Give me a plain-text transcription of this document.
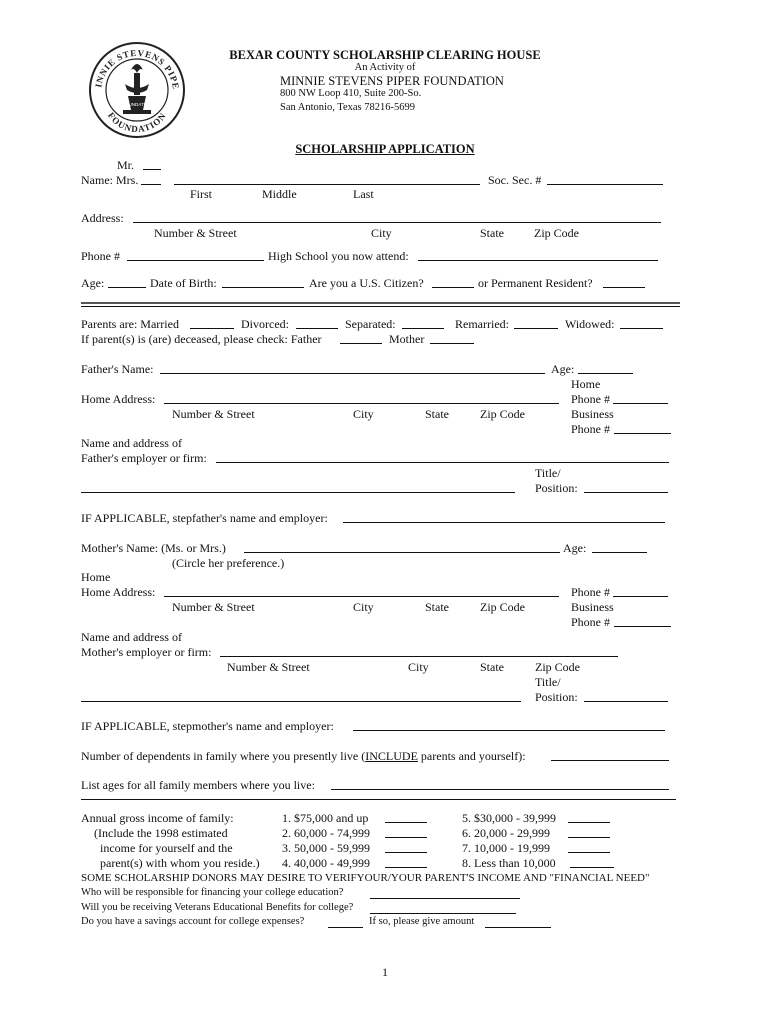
INNIE STEVENS PIPE
FOUNDATION
FOUNDATION
BEXAR COUNTY SCHOLARSHIP CLEARING HOUSE
An Activity of
MINNIE STEVENS PIPER FOUNDATION
800 NW Loop 410, Suite 200-So.
San Antonio, Texas 78216-5699
SCHOLARSHIP APPLICATION
Mr.
Name: Mrs.	Soc. Sec. #
First	Middle	Last
Address:
Number & Street	City	State	Zip Code
Phone #	High School you now attend:
Age:	Date of Birth:	Are you a U.S. Citizen?	or Permanent Resident?
Parents are: Married	Divorced:	Separated:	Remarried:	Widowed:
If parent(s) is (are) deceased, please check: Father	Mother
Father's Name:	Age:
Home
Home Address:	Phone #
Number & Street	City	State	Zip Code	Business
Phone #
Name and address of
Father's employer or firm:
Title/
Position:
IF APPLICABLE, stepfather's name and employer:
Mother's Name: (Ms. or Mrs.)	Age:
(Circle her preference.)
Home
Home Address:	Phone #
Number & Street	City	State	Zip Code	Business
Phone #
Name and address of
Mother's employer or firm:
Number & Street	City	State	Zip Code
Title/
Position:
IF APPLICABLE, stepmother's name and employer:
Number of dependents in family where you presently live (INCLUDE parents and yourself):
List ages for all family members where you live:
Annual gross income of family:
(Include the 1998 estimated
income for yourself and the
parent(s) with whom you reside.)
1. $75,000 and up
2. 60,000 - 74,999
3. 50,000 - 59,999
4. 40,000 - 49,999
5. $30,000 - 39,999
6. 20,000 - 29,999
7. 10,000 - 19,999
8. Less than 10,000
SOME SCHOLARSHIP DONORS MAY DESIRE TO VERIFYOUR/YOUR PARENT'S INCOME AND "FINANCIAL NEED"
Who will be responsible for financing your college education?
Will you be receiving Veterans Educational Benefits for college?
Do you have a savings account for college expenses?	If so, please give amount
1
